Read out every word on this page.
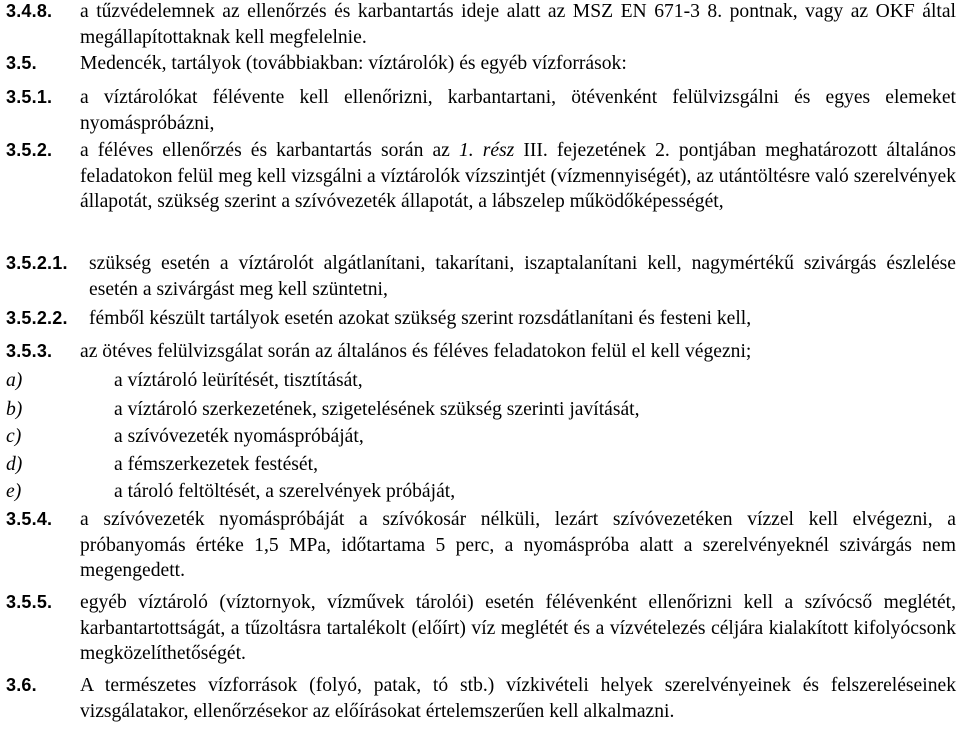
3.4.8. a tűzvédelemnek az ellenőrzés és karbantartás ideje alatt az MSZ EN 671-3 8. pontnak, vagy az OKF által megállapítottaknak kell megfelelnie.
3.5. Medencék, tartályok (továbbiakban: víztárolók) és egyéb vízforrások:
3.5.1. a víztárolókat félévente kell ellenőrizni, karbantartani, ötévenként felülvizsgálni és egyes elemeket nyomáspróbázni,
3.5.2. a féléves ellenőrzés és karbantartás során az 1. rész III. fejezetének 2. pontjában meghatározott általános feladatokon felül meg kell vizsgálni a víztárolók vízszintjét (vízmennyiségét), az utántöltésre való szerelvények állapotát, szükség szerint a szívóvezeték állapotát, a lábszelep működőképességét,
3.5.2.1. szükség esetén a víztárolót algátlanítani, takarítani, iszaptalanítani kell, nagymértékű szivárgás észlelése esetén a szivárgást meg kell szüntetni,
3.5.2.2. fémből készült tartályok esetén azokat szükség szerint rozsdátlanítani és festeni kell,
3.5.3. az ötéves felülvizsgálat során az általános és féléves feladatokon felül el kell végezni;
a)	a víztároló leürítését, tisztítását,
b)	a víztároló szerkezetének, szigetelésének szükség szerinti javítását,
c)	a szívóvezeték nyomáspróbáját,
d)	a fémszerkezetek festését,
e)	a tároló feltöltését, a szerelvények próbáját,
3.5.4. a szívóvezeték nyomáspróbáját a szívókosár nélküli, lezárt szívóvezetéken vízzel kell elvégezni, a próbanyomás értéke 1,5 MPa, időtartama 5 perc, a nyomáspróba alatt a szerelvényeknél szivárgás nem megengedett.
3.5.5. egyéb víztároló (víztornyok, vízművek tárolói) esetén félévenként ellenőrizni kell a szívócső meglétét, karbantartottságát, a tűzoltásra tartalékolt (előírt) víz meglétét és a vízvételezés céljára kialakított kifolyócsonk megközelíthetőségét.
3.6. A természetes vízforrások (folyó, patak, tó stb.) vízkivételi helyek szerelvényeinek és felszereléseinek vizsgálatakor, ellenőrzésekor az előírásokat értelemszerűen kell alkalmazni.
